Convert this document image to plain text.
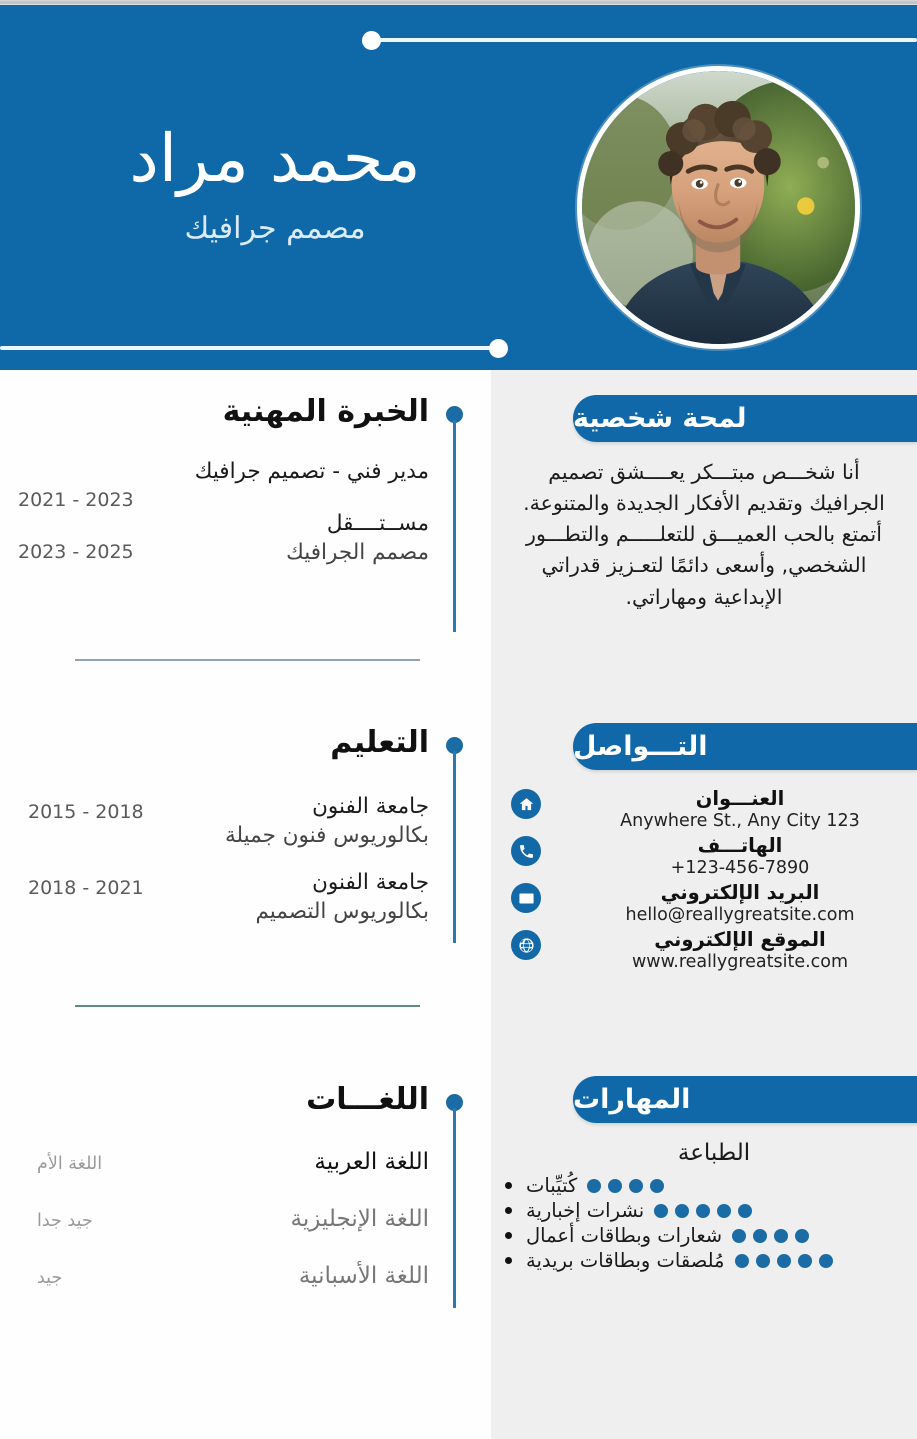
محمد مراد
مصمم جرافيك
الخبرة المهنية
مدير فني - تصميم جرافيك
2021 - 2023
مســتــــقل
مصمم الجرافيك
2023 - 2025
التعليم
جامعة الفنون
بكالوريوس فنون جميلة
2015 - 2018
جامعة الفنون
بكالوريوس التصميم
2018 - 2021
اللغـــات
اللغة العربية
اللغة الأم
اللغة الإنجليزية
جيد جدا
اللغة الأسبانية
جيد
لمحة شخصية
أنا شخـــص مبتـــكر يعــــشق تصميم الجرافيك وتقديم الأفكار الجديدة والمتنوعة. أتمتع بالحب العميـــق للتعلـــــم والتطـــور الشخصي, وأسعى دائمًا لتعـزيز قدراتي الإبداعية ومهاراتي.
التـــواصل
العنـــوان
Anywhere St., Any City 123
الهاتـــف
+123-456-7890
البريد الإلكتروني
hello@reallygreatsite.com
الموقع الإلكتروني
www.reallygreatsite.com
المهارات
الطباعة
كُتيِّبات
نشرات إخبارية
شعارات وبطاقات أعمال
مُلصقات وبطاقات بريدية
